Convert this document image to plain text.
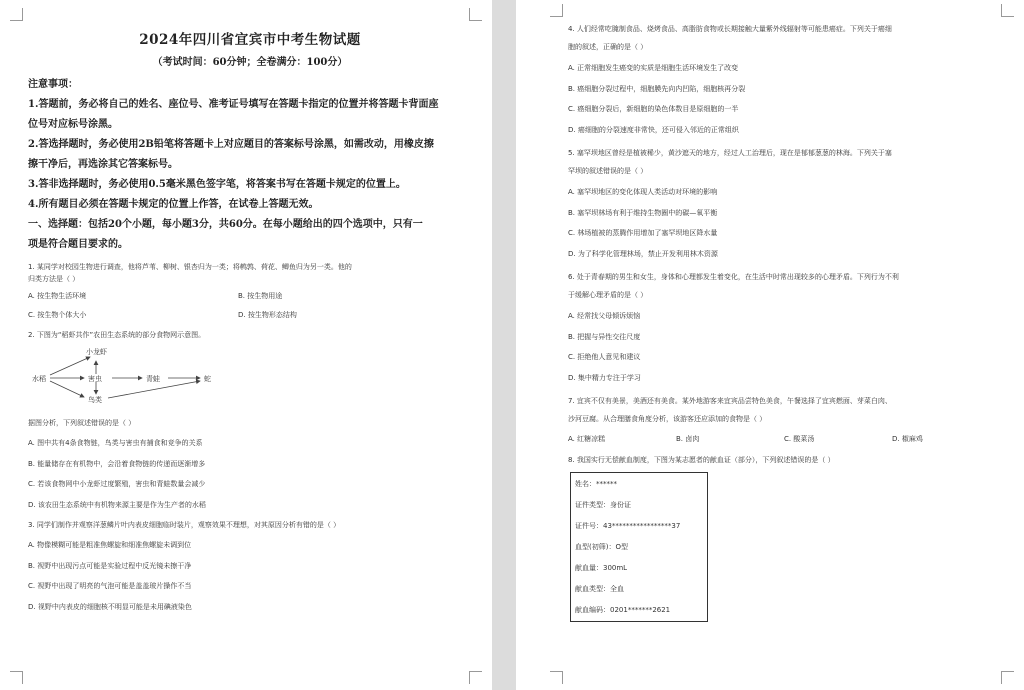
2024年四川省宜宾市中考生物试题
（考试时间：60分钟；全卷满分：100分）
注意事项：
1.答题前，务必将自己的姓名、座位号、准考证号填写在答题卡指定的位置并将答题卡背面座
位号对应标号涂黑。
2.答选择题时，务必使用2B铅笔将答题卡上对应题目的答案标号涂黑，如需改动，用橡皮擦
擦干净后，再选涂其它答案标号。
3.答非选择题时，务必使用0.5毫米黑色签字笔，将答案书写在答题卡规定的位置上。
4.所有题目必须在答题卡规定的位置上作答，在试卷上答题无效。
一、选择题：包括20个小题，每小题3分，共60分。在每小题给出的四个选项中，只有一
项是符合题目要求的。
1. 某同学对校园生物进行调查，他将芦苇、柳树、银杏归为一类；将鹌鹑、荷花、鲫鱼归为另一类。他的
归类方法是（ ）
A. 按生物生活环境	B. 按生物用途
C. 按生物个体大小	D. 按生物形态结构
2. 下图为“稻虾共作”农田生态系统的部分食物网示意图。
小龙虾
水稻	害虫	青蛙	蛇
鸟类
据图分析，下列叙述错误的是（ ）
A. 图中共有4条食物链，鸟类与害虫有捕食和竞争的关系
B. 能量储存在有机物中，会沿着食物链的传递而逐渐增多
C. 若该食物网中小龙虾过度繁殖，害虫和青蛙数量会减少
D. 该农田生态系统中有机物来源主要是作为生产者的水稻
3. 同学们制作并观察洋葱鳞片叶内表皮细胞临时装片，观察效果不理想，对其原因分析有错的是（ ）
A. 物像模糊可能是粗准焦螺旋和细准焦螺旋未调到位
B. 视野中出现污点可能是实验过程中反光镜未擦干净
C. 视野中出现了明亮的气泡可能是盖盖玻片操作不当
D. 视野中内表皮的细胞核不明显可能是未用碘液染色
4. 人们经常吃腌制食品、烧烤食品、高脂肪食物或长期接触大量紫外线辐射等可能患癌症。下列关于癌细
胞的叙述，正确的是（ ）
A. 正常细胞发生癌变的实质是细胞生活环境发生了改变
B. 癌细胞分裂过程中，细胞膜先向内凹陷，细胞核再分裂
C. 癌细胞分裂后，新细胞的染色体数目是原细胞的一半
D. 癌细胞的分裂速度非常快，还可侵入邻近的正常组织
5. 塞罕坝地区曾经是植被稀少，黄沙遮天的地方，经过人工治理后，现在是郁郁葱葱的林海。下列关于塞
罕坝的叙述错误的是（ ）
A. 塞罕坝地区的变化体现人类活动对环境的影响
B. 塞罕坝林场有利于维持生物圈中的碳—氧平衡
C. 林场植被的蒸腾作用增加了塞罕坝地区降水量
D. 为了科学化管理林场，禁止开发利用林木资源
6. 处于青春期的男生和女生，身体和心理都发生着变化，在生活中时常出现较多的心理矛盾。下列行为不利
于缓解心理矛盾的是（ ）
A. 经常找父母倾诉烦恼
B. 把握与异性交往尺度
C. 拒绝他人意见和建议
D. 集中精力专注于学习
7. 宜宾不仅有美景，美酒还有美食。某外地游客来宜宾品尝特色美食，午餐选择了宜宾燃面、芽菜白肉、
沙河豆腐。从合理膳食角度分析，该游客还应添加的食物是（ ）
A. 红糖凉糕	B. 卤肉	C. 酸菜汤	D. 椒麻鸡
8. 我国实行无偿献血制度，下图为某志愿者的献血证（部分），下列叙述错误的是（ ）
姓名：******
证件类型：身份证
证件号：43*****************37
血型(初筛)：O型
献血量：300mL
献血类型：全血
献血编码：0201*******2621
